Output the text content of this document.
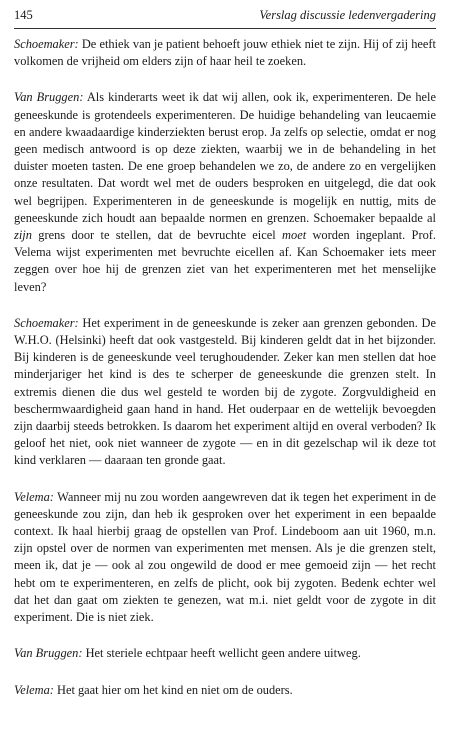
145	Verslag discussie ledenvergadering

Schoemaker: De ethiek van je patient behoeft jouw ethiek niet te zijn. Hij of zij heeft volkomen de vrijheid om elders zijn of haar heil te zoeken.

Van Bruggen: Als kinderarts weet ik dat wij allen, ook ik, experimenteren. De hele geneeskunde is grotendeels experimenteren. De huidige behandeling van leucaemie en andere kwaadaardige kinderziekten berust erop. Ja zelfs op selectie, omdat er nog geen medisch antwoord is op deze ziekten, waarbij we in de behandeling in het duister moeten tasten. De ene groep behandelen we zo, de andere zo en vergelijken onze resultaten. Dat wordt wel met de ouders besproken en uitgelegd, die dat ook wel begrijpen. Experimenteren in de geneeskunde is mogelijk en nuttig, mits de geneeskunde zich houdt aan bepaalde normen en grenzen. Schoemaker bepaalde al zijn grens door te stellen, dat de bevruchte eicel moet worden ingeplant. Prof. Velema wijst experimenten met bevruchte eicellen af. Kan Schoemaker iets meer zeggen over hoe hij de grenzen ziet van het experimenteren met het menselijke leven?

Schoemaker: Het experiment in de geneeskunde is zeker aan grenzen gebonden. De W.H.O. (Helsinki) heeft dat ook vastgesteld. Bij kinderen geldt dat in het bijzonder. Bij kinderen is de geneeskunde veel terughoudender. Zeker kan men stellen dat hoe minderjariger het kind is des te scherper de geneeskunde die grenzen stelt. In extremis dienen die dus wel gesteld te worden bij de zygote. Zorgvuldigheid en beschermwaardigheid gaan hand in hand. Het ouderpaar en de wettelijk bevoegden zijn daarbij steeds betrokken. Is daarom het experiment altijd en overal verboden? Ik geloof het niet, ook niet wanneer de zygote — en in dit gezelschap wil ik deze tot kind verklaren — daaraan ten gronde gaat.

Velema: Wanneer mij nu zou worden aangewreven dat ik tegen het experiment in de geneeskunde zou zijn, dan heb ik gesproken over het experiment in een bepaalde context. Ik haal hierbij graag de opstellen van Prof. Lindeboom aan uit 1960, m.n. zijn opstel over de normen van experimenten met mensen. Als je die grenzen stelt, meen ik, dat je — ook al zou ongewild de dood er mee gemoeid zijn — het recht hebt om te experimenteren, en zelfs de plicht, ook bij zygoten. Bedenk echter wel dat het dan gaat om ziekten te genezen, wat m.i. niet geldt voor de zygote in dit experiment. Die is niet ziek.

Van Bruggen: Het steriele echtpaar heeft wellicht geen andere uitweg.

Velema: Het gaat hier om het kind en niet om de ouders.
